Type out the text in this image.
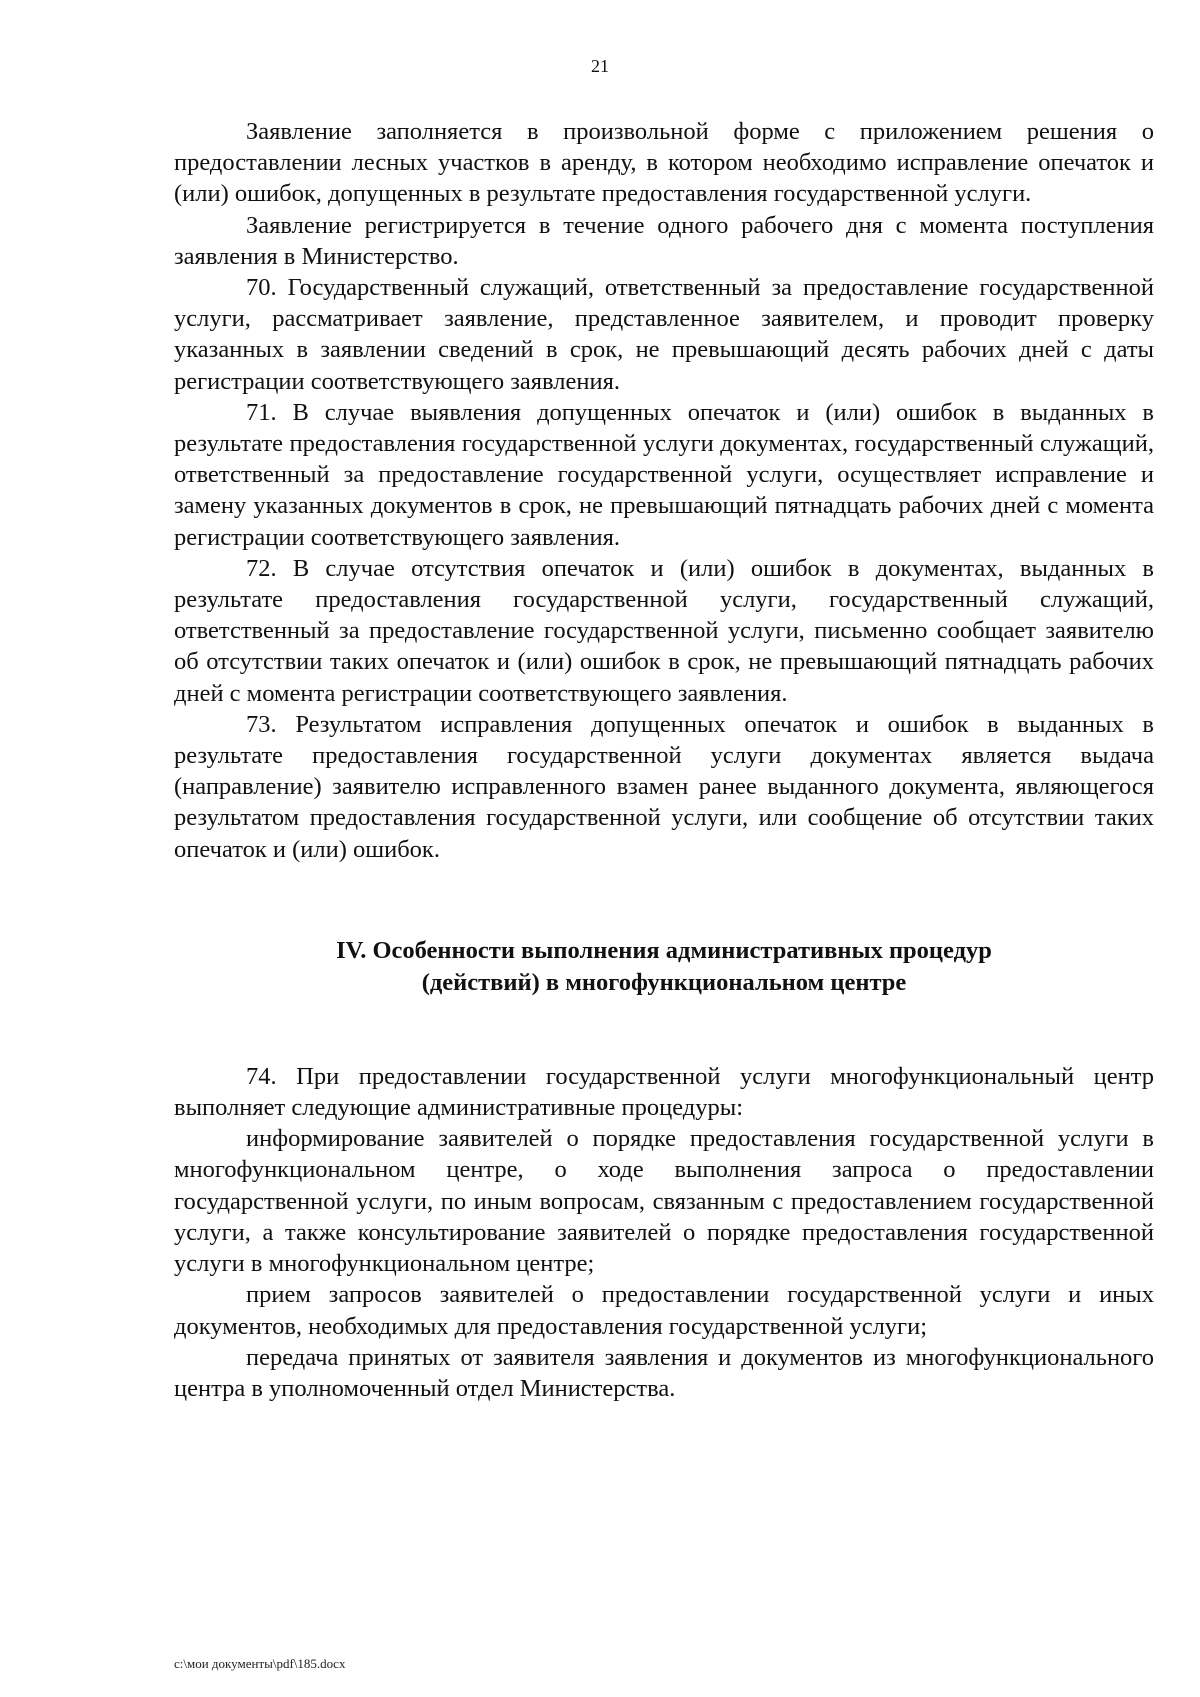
21

Заявление заполняется в произвольной форме с приложением решения о предоставлении лесных участков в аренду, в котором необходимо исправление опечаток и (или) ошибок, допущенных в результате предоставления государственной услуги.

Заявление регистрируется в течение одного рабочего дня с момента поступления заявления в Министерство.

70. Государственный служащий, ответственный за предоставление государственной услуги, рассматривает заявление, представленное заявителем, и проводит проверку указанных в заявлении сведений в срок, не превышающий десять рабочих дней с даты регистрации соответствующего заявления.

71. В случае выявления допущенных опечаток и (или) ошибок в выданных в результате предоставления государственной услуги документах, государственный служащий, ответственный за предоставление государственной услуги, осуществляет исправление и замену указанных документов в срок, не превышающий пятнадцать рабочих дней с момента регистрации соответствующего заявления.

72. В случае отсутствия опечаток и (или) ошибок в документах, выданных в результате предоставления государственной услуги, государственный служащий, ответственный за предоставление государственной услуги, письменно сообщает заявителю об отсутствии таких опечаток и (или) ошибок в срок, не превышающий пятнадцать рабочих дней с момента регистрации соответствующего заявления.

73. Результатом исправления допущенных опечаток и ошибок в выданных в результате предоставления государственной услуги документах является выдача (направление) заявителю исправленного взамен ранее выданного документа, являющегося результатом предоставления государственной услуги, или сообщение об отсутствии таких опечаток и (или) ошибок.

IV. Особенности выполнения административных процедур
(действий) в многофункциональном центре

74. При предоставлении государственной услуги многофункциональный центр выполняет следующие административные процедуры:

информирование заявителей о порядке предоставления государственной услуги в многофункциональном центре, о ходе выполнения запроса о предоставлении государственной услуги, по иным вопросам, связанным с предоставлением государственной услуги, а также консультирование заявителей о порядке предоставления государственной услуги в многофункциональном центре;

прием запросов заявителей о предоставлении государственной услуги и иных документов, необходимых для предоставления государственной услуги;

передача принятых от заявителя заявления и документов из многофункционального центра в уполномоченный отдел Министерства.

c:\мои документы\pdf\185.docx
